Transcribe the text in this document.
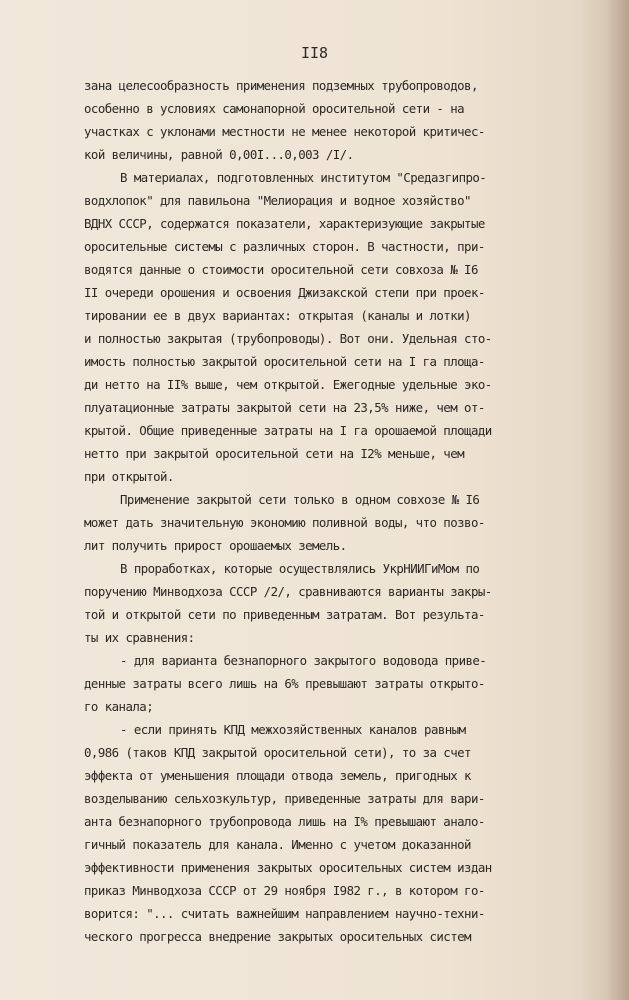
II8
зана целесообразность применения подземных трубопроводов,
особенно в условиях самонапорной оросительной сети - на
участках с уклонами местности не менее некоторой критичес-
кой величины, равной 0,00I...0,003 /I/.
В материалах, подготовленных институтом "Средазгипро-
водхлопок" для павильона "Мелиорация и водное хозяйство"
ВДНХ СССР, содержатся показатели, характеризующие закрытые
оросительные системы с различных сторон. В частности, при-
водятся данные о стоимости оросительной сети совхоза № I6
II очереди орошения и освоения Джизакской степи при проек-
тировании ее в двух вариантах: открытая (каналы и лотки)
и полностью закрытая (трубопроводы). Вот они. Удельная сто-
имость полностью закрытой оросительной сети на I га площа-
ди нетто на II% выше, чем открытой. Ежегодные удельные эко-
плуатационные затраты закрытой сети на 23,5% ниже, чем от-
крытой. Общие приведенные затраты на I га орошаемой площади
нетто при закрытой оросительной сети на I2% меньше, чем
при открытой.
Применение закрытой сети только в одном совхозе № I6
может дать значительную экономию поливной воды, что позво-
лит получить прирост орошаемых земель.
В проработках, которые осуществлялись УкрНИИГиМом по
поручению Минводхоза СССР /2/, сравниваются варианты закры-
той и открытой сети по приведенным затратам. Вот результа-
ты их сравнения:
- для варианта безнапорного закрытого водовода приве-
денные затраты всего лишь на 6% превышают затраты открыто-
го канала;
- если принять КПД межхозяйственных каналов равным
0,986 (таков КПД закрытой оросительной сети), то за счет
эффекта от уменьшения площади отвода земель, пригодных к
возделыванию сельхозкультур, приведенные затраты для вари-
анта безнапорного трубопровода лишь на I% превышают анало-
гичный показатель для канала. Именно с учетом доказанной
эффективности применения закрытых оросительных систем издан
приказ Минводхоза СССР от 29 ноября I982 г., в котором го-
ворится: "... считать важнейшим направлением научно-техни-
ческого прогресса внедрение закрытых оросительных систем
